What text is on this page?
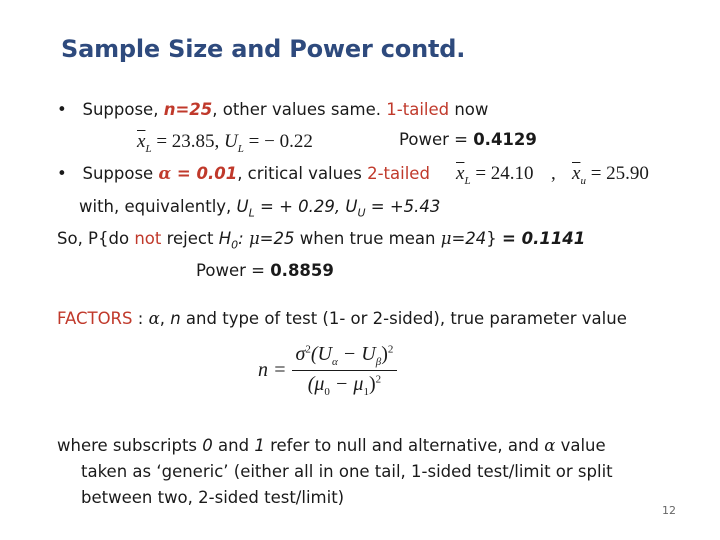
Sample Size and Power contd.
• Suppose, n=25, other values same. 1-tailed now
$\overline{x}_L = 23.85$, $U_L$ = − 0.22	Power = 0.4129
• Suppose α = 0.01, critical values 2-tailed $\overline{x}_L = 24.10$ , $\overline{x}_u = 25.90$
with, equivalently, $U_L$ = + 0.29, $U_U = +5.43$
So, P{do not reject $H_0$: μ=25 when true mean μ=24} = 0.1141
Power = 0.8859
FACTORS : α, n and type of test (1- or 2-sided), true parameter value
$n = \frac{\sigma^2(U_\alpha - U_\beta)^2}{(\mu_0 - \mu_1)^2}$
where subscripts 0 and 1 refer to null and alternative, and α value
taken as ‘generic’ (either all in one tail, 1-sided test/limit or split
between two, 2-sided test/limit)
12
